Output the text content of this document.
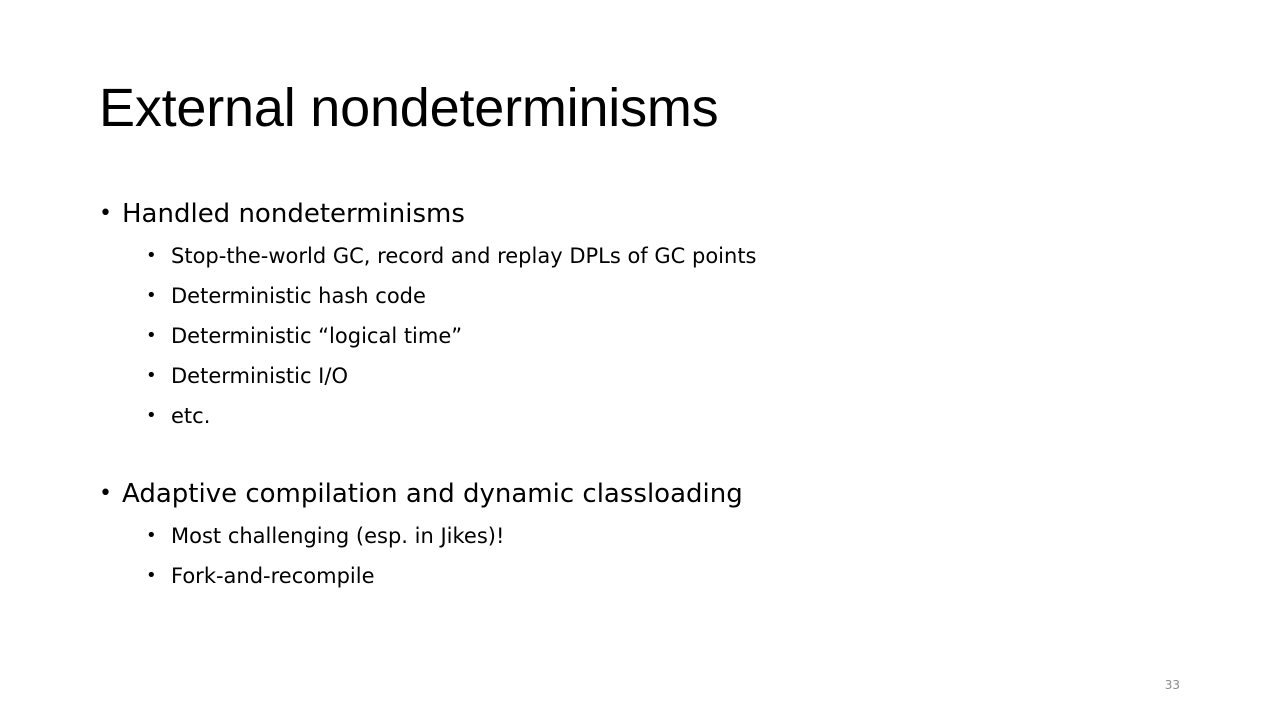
External nondeterminisms
• Handled nondeterminisms
• Stop-the-world GC, record and replay DPLs of GC points
• Deterministic hash code
• Deterministic “logical time”
• Deterministic I/O
• etc.
• Adaptive compilation and dynamic classloading
• Most challenging (esp. in Jikes)!
• Fork-and-recompile
33
